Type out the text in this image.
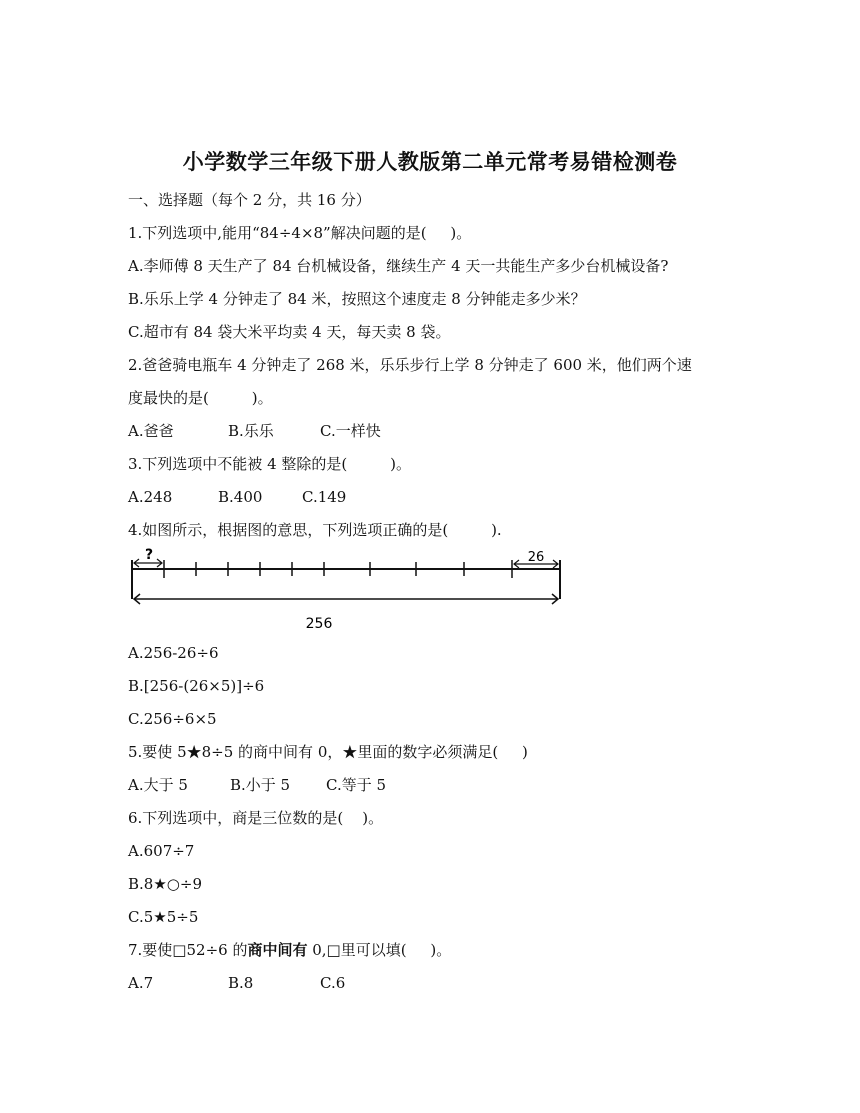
小学数学三年级下册人教版第二单元常考易错检测卷
一、选择题（每个 2 分，共 16 分）
1.下列选项中,能用“84÷4×8”解决问题的是(     )。
A.李师傅 8 天生产了 84 台机械设备，继续生产 4 天一共能生产多少台机械设备?
B.乐乐上学 4 分钟走了 84 米，按照这个速度走 8 分钟能走多少米？
C.超市有 84 袋大米平均卖 4 天，每天卖 8 袋。
2.爸爸骑电瓶车 4 分钟走了 268 米，乐乐步行上学 8 分钟走了 600 米，他们两个速
度最快的是(         )。
A.爸爸	B.乐乐	C.一样快
3.下列选项中不能被 4 整除的是(         )。
A.248	B.400	C.149
4.如图所示，根据图的意思，下列选项正确的是(         ).
?	26
256
A.256-26÷6
B.[256-(26×5)]÷6
C.256÷6×5
5.要使 5★8÷5 的商中间有 0，★里面的数字必须满足(     )
A.大于 5	B.小于 5 C.等于 5
6.下列选项中，商是三位数的是(    )。
A.607÷7
B.8★○÷9
C.5★5÷5
7.要使□52÷6 的商中间有 0,□里可以填(     )。
A.7	B.8	C.6
